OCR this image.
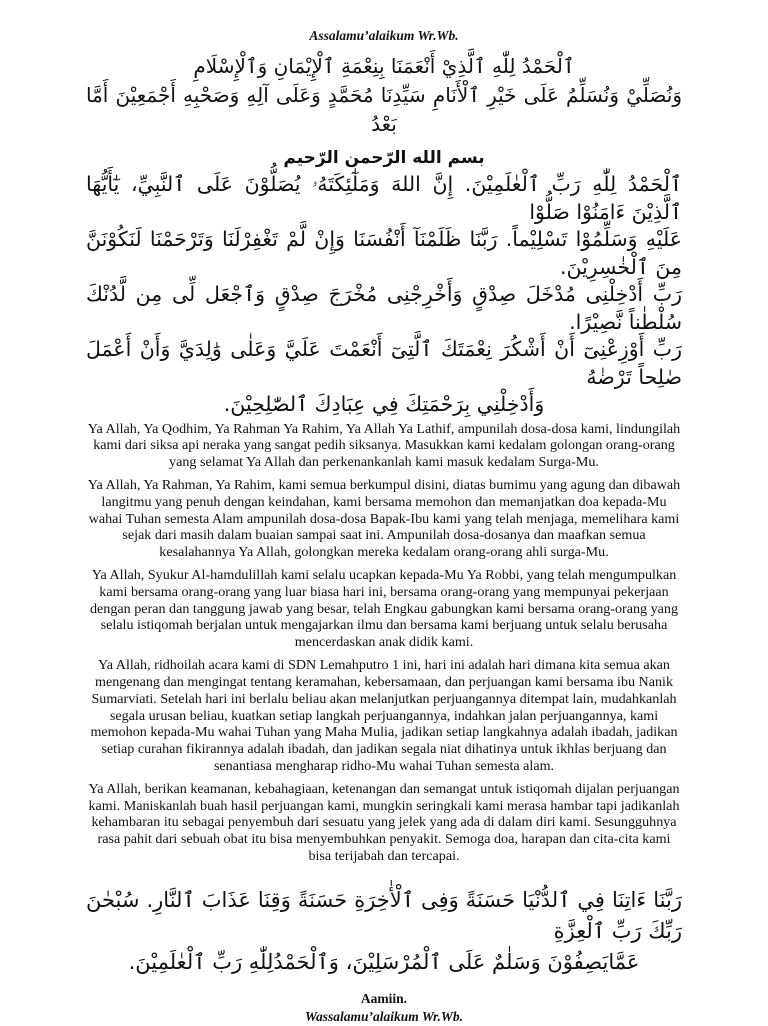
Assalamu’alaikum Wr.Wb.

ٱلْحَمْدُ لِلّٰهِ ٱلَّذِيْ أَنْعَمَنَا بِنِعْمَةِ ٱلْإِيْمَانِ وَٱلْإِسْلَامِ

وَنُصَلِّيْ وَنُسَلِّمُ عَلَى خَيْرِ ٱلْأَنَامِ سَيِّدِنَا مُحَمَّدٍ وَعَلَى آلِهِ وَصَحْبِهِ أَجْمَعِيْنَ أَمَّا بَعْدُ

بسم الله الرّحمن الرّحيم

ٱلْحَمْدُ لِلّٰهِ رَبِّ ٱلْعٰلَمِيْنَ. إِنَّ اللهَ وَمَلٰٓئِكَتَهُۥ يُصَلُّوْنَ عَلَى ٱلنَّبِيِّ، يٰٓأَيُّهَا ٱلَّذِيْنَ ءَامَنُوْا صَلُّوْا

عَلَيْهِ وَسَلِّمُوْا تَسْلِيْماً. رَبَّنَا ظَلَمْنَآ أَنْفُسَنَا وَإِنْ لَّمْ تَغْفِرْلَنَا وَتَرْحَمْنَا لَنَكُوْنَنَّ مِنَ ٱلْخٰسِرِيْنَ.

رَبِّ أَدْخِلْنِى مُدْخَلَ صِدْقٍ وَأَخْرِجْنِى مُخْرَجَ صِدْقٍ وَٱجْعَل لِّى مِن لَّدُنْكَ سُلْطٰناً نَّصِيْرًا.

رَبِّ أَوْزِعْنِىٓ أَنْ أَشْكُرَ نِعْمَتَكَ ٱلَّتِىٓ أَنْعَمْتَ عَلَيَّ وَعَلٰى وَٰلِدَيَّ وَأَنْ أَعْمَلَ صٰلِحاً تَرْضٰهُ

وَأَدْخِلْنِي بِرَحْمَتِكَ فِي عِبَادِكَ ٱلصّٰلِحِيْنَ.

Ya Allah, Ya Qodhim, Ya Rahman Ya Rahim, Ya Allah Ya Lathif, ampunilah dosa-dosa kami, lindungilah kami dari siksa api neraka yang sangat pedih siksanya. Masukkan kami kedalam golongan orang-orang yang selamat Ya Allah dan perkenankanlah kami masuk kedalam Surga-Mu.

Ya Allah, Ya Rahman, Ya Rahim, kami semua berkumpul disini, diatas bumimu yang agung dan dibawah langitmu yang penuh dengan keindahan, kami bersama memohon dan memanjatkan doa kepada-Mu wahai Tuhan semesta Alam ampunilah dosa-dosa Bapak-Ibu kami yang telah menjaga, memelihara kami sejak dari masih dalam buaian sampai saat ini. Ampunilah dosa-dosanya dan maafkan semua kesalahannya Ya Allah, golongkan mereka kedalam orang-orang ahli surga-Mu.

Ya Allah, Syukur Al-hamdulillah kami selalu ucapkan kepada-Mu Ya Robbi, yang telah mengumpulkan kami bersama orang-orang yang luar biasa hari ini, bersama orang-orang yang mempunyai pekerjaan dengan peran dan tanggung jawab yang besar, telah Engkau gabungkan kami bersama orang-orang yang selalu istiqomah berjalan untuk mengajarkan ilmu dan bersama kami berjuang untuk selalu berusaha mencerdaskan anak didik kami.

Ya Allah, ridhoilah acara kami di SDN Lemahputro 1 ini, hari ini adalah hari dimana kita semua akan mengenang dan mengingat tentang keramahan, kebersamaan, dan perjuangan kami bersama ibu Nanik Sumarviati. Setelah hari ini berlalu beliau akan melanjutkan perjuangannya ditempat lain, mudahkanlah segala urusan beliau, kuatkan setiap langkah perjuangannya, indahkan jalan perjuangannya, kami memohon kepada-Mu wahai Tuhan yang Maha Mulia, jadikan setiap langkahnya adalah ibadah, jadikan setiap curahan fikirannya adalah ibadah, dan jadikan segala niat dihatinya untuk ikhlas berjuang dan senantiasa mengharap ridho-Mu wahai Tuhan semesta alam.

Ya Allah, berikan keamanan, kebahagiaan, ketenangan dan semangat untuk istiqomah dijalan perjuangan kami. Maniskanlah buah hasil perjuangan kami, mungkin seringkali kami merasa hambar tapi jadikanlah kehambaran itu sebagai penyembuh dari sesuatu yang jelek yang ada di dalam diri kami. Sesungguhnya rasa pahit dari sebuah obat itu bisa menyembuhkan penyakit. Semoga doa, harapan dan cita-cita kami bisa terijabah dan tercapai.

رَبَّنَا ءَاتِنَا فِي ٱلدُّنْيَا حَسَنَةً وَفِى ٱلْأٰخِرَةِ حَسَنَةً وَقِنَا عَذَابَ ٱلنَّارِ. سُبْحٰنَ رَبِّكَ رَبِّ ٱلْعِزَّةِ

عَمَّايَصِفُوْنَ وَسَلٰمٌ عَلَى ٱلْمُرْسَلِيْنَ، وَٱلْحَمْدُلِلّٰهِ رَبِّ ٱلْعٰلَمِيْنَ.

Aamiin.
Wassalamu’alaikum Wr.Wb.
